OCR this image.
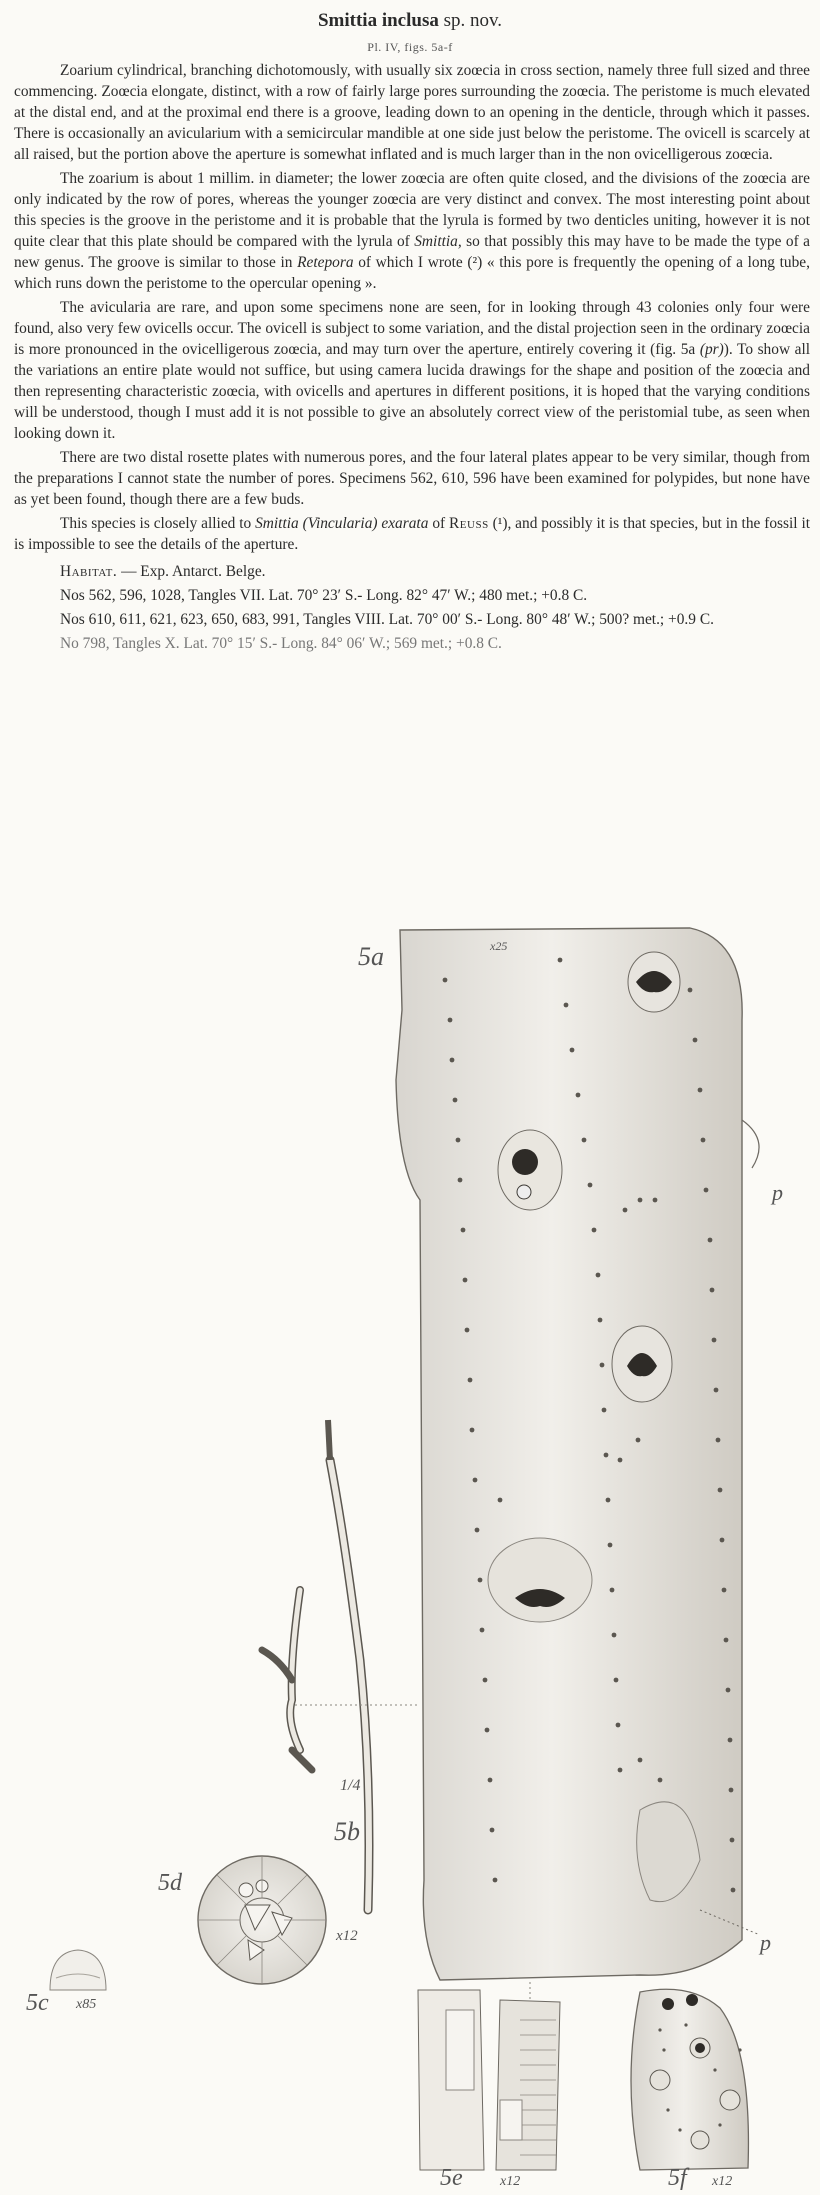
Smittia inclusa sp. nov.
Pl. IV, figs. 5a-f

Zoarium cylindrical, branching dichotomously, with usually six zoœcia in cross section, namely three full sized and three commencing. Zoœcia elongate, distinct, with a row of fairly large pores surrounding the zoœcia. The peristome is much elevated at the distal end, and at the proximal end there is a groove, leading down to an opening in the denticle, through which it passes. There is occasionally an avicularium with a semicircular mandible at one side just below the peristome. The ovicell is scarcely at all raised, but the portion above the aperture is somewhat inflated and is much larger than in the non ovicelligerous zoœcia.

The zoarium is about 1 millim. in diameter; the lower zoœcia are often quite closed, and the divisions of the zoœcia are only indicated by the row of pores, whereas the younger zoœcia are very distinct and convex. The most interesting point about this species is the groove in the peristome and it is probable that the lyrula is formed by two denticles uniting, however it is not quite clear that this plate should be compared with the lyrula of Smittia, so that possibly this may have to be made the type of a new genus. The groove is similar to those in Retepora of which I wrote (²) « this pore is frequently the opening of a long tube, which runs down the peristome to the opercular opening ».

The avicularia are rare, and upon some specimens none are seen, for in looking through 43 colonies only four were found, also very few ovicells occur. The ovicell is subject to some variation, and the distal projection seen in the ordinary zoœcia is more pronounced in the ovicelligerous zoœcia, and may turn over the aperture, entirely covering it (fig. 5a (pr)). To show all the variations an entire plate would not suffice, but using camera lucida drawings for the shape and position of the zoœcia and then representing characteristic zoœcia, with ovicells and apertures in different positions, it is hoped that the varying conditions will be understood, though I must add it is not possible to give an absolutely correct view of the peristomial tube, as seen when looking down it.

There are two distal rosette plates with numerous pores, and the four lateral plates appear to be very similar, though from the preparations I cannot state the number of pores. Specimens 562, 610, 596 have been examined for polypides, but none have as yet been found, though there are a few buds.

This species is closely allied to Smittia (Vincularia) exarata of Reuss (¹), and possibly it is that species, but in the fossil it is impossible to see the details of the aperture.

Habitat. — Exp. Antarct. Belge.

Nos 562, 596, 1028, Tangles VII. Lat. 70° 23′ S.- Long. 82° 47′ W.; 480 met.; +0.8 C.

Nos 610, 611, 621, 623, 650, 683, 991, Tangles VIII. Lat. 70° 00′ S.- Long. 80° 48′ W.; 500? met.; +0.9 C.

No 798, Tangles X. Lat. 70° 15′ S.- Long. 84° 06′ W.; 569 met.; +0.8 C.

5a	x25
p
p
5b
1/4
5d
x12
5c x85
5e	x12	5f x12
